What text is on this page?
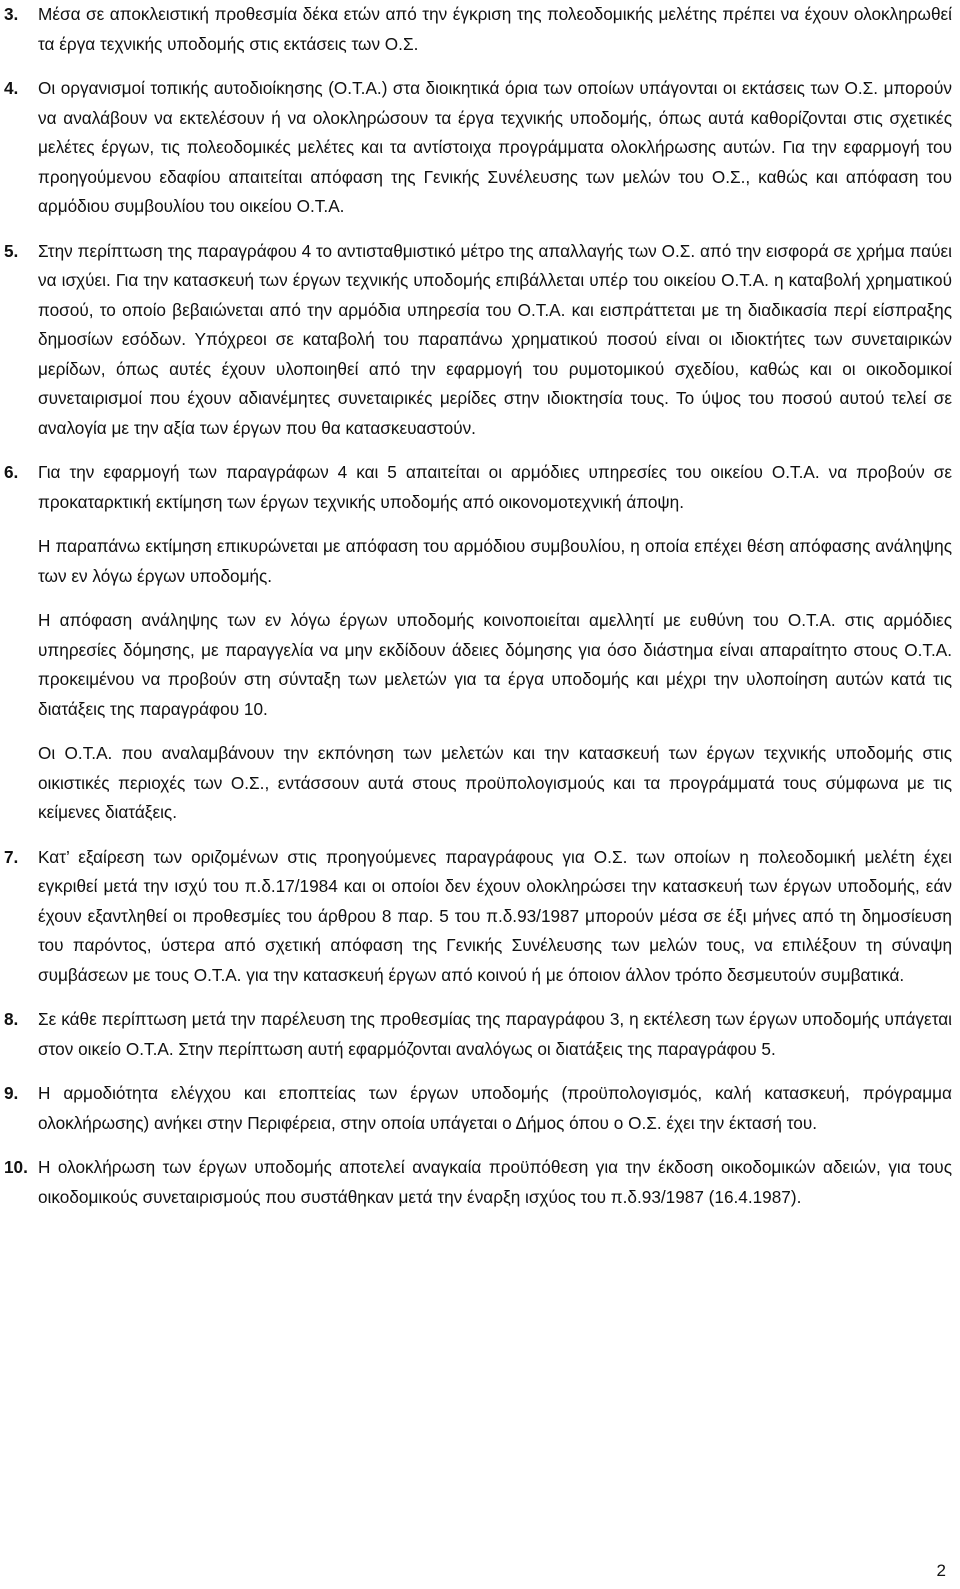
3. Μέσα σε αποκλειστική προθεσμία δέκα ετών από την έγκριση της πολεοδομικής μελέτης πρέπει να έχουν ολοκληρωθεί τα έργα τεχνικής υποδομής στις εκτάσεις των Ο.Σ.

4. Οι οργανισμοί τοπικής αυτοδιοίκησης (Ο.Τ.Α.) στα διοικητικά όρια των οποίων υπάγονται οι εκτάσεις των Ο.Σ. μπορούν να αναλάβουν να εκτελέσουν ή να ολοκληρώσουν τα έργα τεχνικής υποδομής, όπως αυτά καθορίζονται στις σχετικές μελέτες έργων, τις πολεοδομικές μελέτες και τα αντίστοιχα προγράμματα ολοκλήρωσης αυτών. Για την εφαρμογή του προηγούμενου εδαφίου απαιτείται απόφαση της Γενικής Συνέλευσης των μελών του Ο.Σ., καθώς και απόφαση του αρμόδιου συμβουλίου του οικείου Ο.Τ.Α.

5. Στην περίπτωση της παραγράφου 4 το αντισταθμιστικό μέτρο της απαλλαγής των Ο.Σ. από την εισφορά σε χρήμα παύει να ισχύει. Για την κατασκευή των έργων τεχνικής υποδομής επιβάλλεται υπέρ του οικείου Ο.Τ.Α. η καταβολή χρηματικού ποσού, το οποίο βεβαιώνεται από την αρμόδια υπηρεσία του Ο.Τ.Α. και εισπράττεται με τη διαδικασία περί είσπραξης δημοσίων εσόδων. Υπόχρεοι σε καταβολή του παραπάνω χρηματικού ποσού είναι οι ιδιοκτήτες των συνεταιρικών μερίδων, όπως αυτές έχουν υλοποιηθεί από την εφαρμογή του ρυμοτομικού σχεδίου, καθώς και οι οικοδομικοί συνεταιρισμοί που έχουν αδιανέμητες συνεταιρικές μερίδες στην ιδιοκτησία τους. Το ύψος του ποσού αυτού τελεί σε αναλογία με την αξία των έργων που θα κατασκευαστούν.

6. Για την εφαρμογή των παραγράφων 4 και 5 απαιτείται οι αρμόδιες υπηρεσίες του οικείου Ο.Τ.Α. να προβούν σε προκαταρκτική εκτίμηση των έργων τεχνικής υποδομής από οικονομοτεχνική άποψη.

Η παραπάνω εκτίμηση επικυρώνεται με απόφαση του αρμόδιου συμβουλίου, η οποία επέχει θέση απόφασης ανάληψης των εν λόγω έργων υποδομής.

Η απόφαση ανάληψης των εν λόγω έργων υποδομής κοινοποιείται αμελλητί με ευθύνη του Ο.Τ.Α. στις αρμόδιες υπηρεσίες δόμησης, με παραγγελία να μην εκδίδουν άδειες δόμησης για όσο διάστημα είναι απαραίτητο στους Ο.Τ.Α. προκειμένου να προβούν στη σύνταξη των μελετών για τα έργα υποδομής και μέχρι την υλοποίηση αυτών κατά τις διατάξεις της παραγράφου 10.

Οι Ο.Τ.Α. που αναλαμβάνουν την εκπόνηση των μελετών και την κατασκευή των έργων τεχνικής υποδομής στις οικιστικές περιοχές των Ο.Σ., εντάσσουν αυτά στους προϋπολογισμούς και τα προγράμματά τους σύμφωνα με τις κείμενες διατάξεις.

7. Κατ’ εξαίρεση των οριζομένων στις προηγούμενες παραγράφους για Ο.Σ. των οποίων η πολεοδομική μελέτη έχει εγκριθεί μετά την ισχύ του π.δ.17/1984 και οι οποίοι δεν έχουν ολοκληρώσει την κατασκευή των έργων υποδομής, εάν έχουν εξαντληθεί οι προθεσμίες του άρθρου 8 παρ. 5 του π.δ.93/1987 μπορούν μέσα σε έξι μήνες από τη δημοσίευση του παρόντος, ύστερα από σχετική απόφαση της Γενικής Συνέλευσης των μελών τους, να επιλέξουν τη σύναψη συμβάσεων με τους Ο.Τ.Α. για την κατασκευή έργων από κοινού ή με όποιον άλλον τρόπο δεσμευτούν συμβατικά.

8. Σε κάθε περίπτωση μετά την παρέλευση της προθεσμίας της παραγράφου 3, η εκτέλεση των έργων υποδομής υπάγεται στον οικείο Ο.Τ.Α. Στην περίπτωση αυτή εφαρμόζονται αναλόγως οι διατάξεις της παραγράφου 5.

9. Η αρμοδιότητα ελέγχου και εποπτείας των έργων υποδομής (προϋπολογισμός, καλή κατασκευή, πρόγραμμα ολοκλήρωσης) ανήκει στην Περιφέρεια, στην οποία υπάγεται ο Δήμος όπου ο Ο.Σ. έχει την έκτασή του.

10. Η ολοκλήρωση των έργων υποδομής αποτελεί αναγκαία προϋπόθεση για την έκδοση οικοδομικών αδειών, για τους οικοδομικούς συνεταιρισμούς που συστάθηκαν μετά την έναρξη ισχύος του π.δ.93/1987 (16.4.1987).

2
